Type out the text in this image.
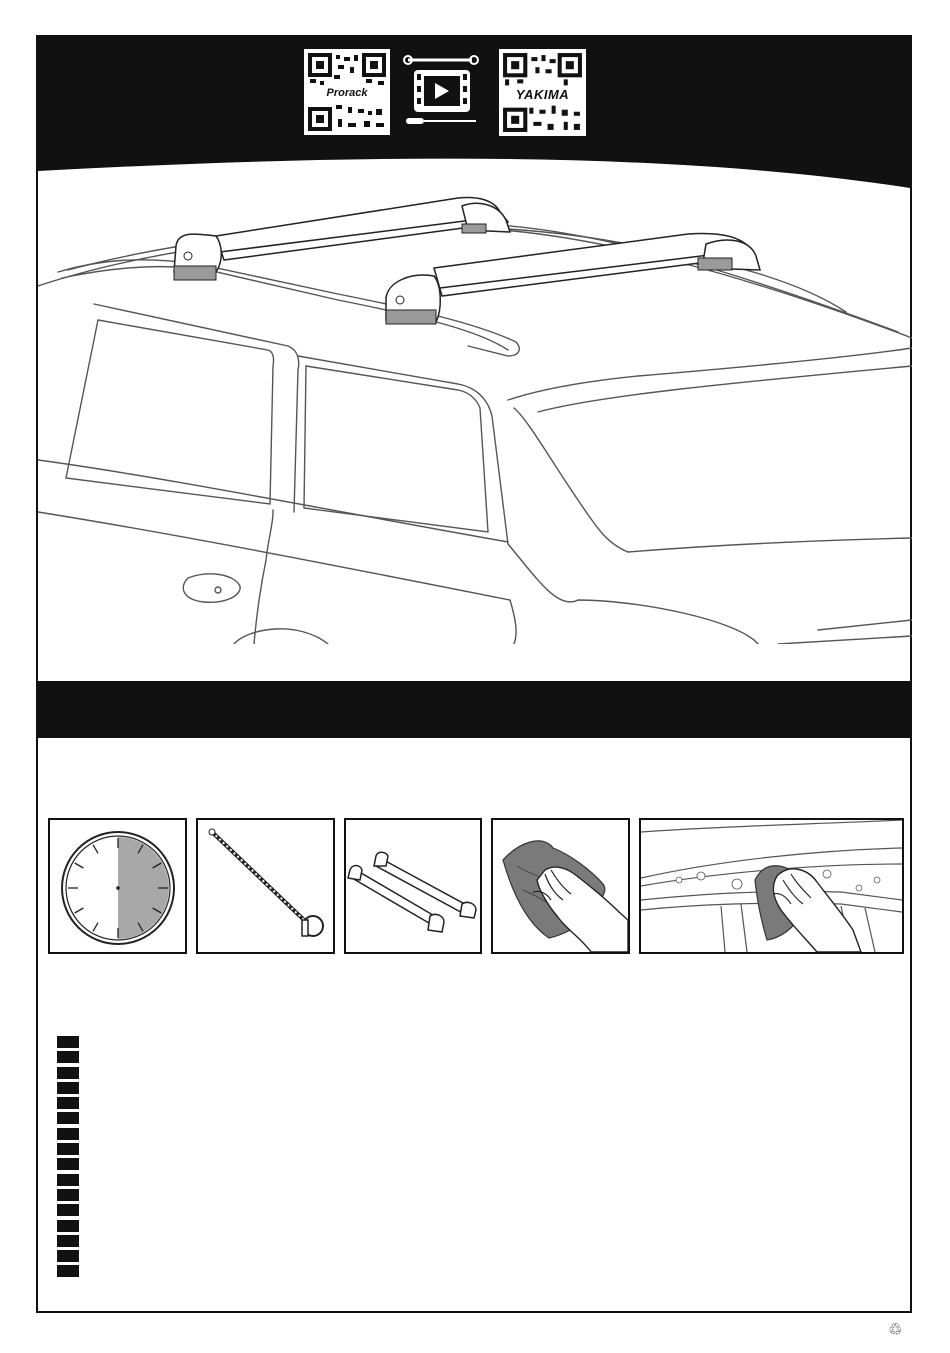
Prorack	YAKIMA
♲
